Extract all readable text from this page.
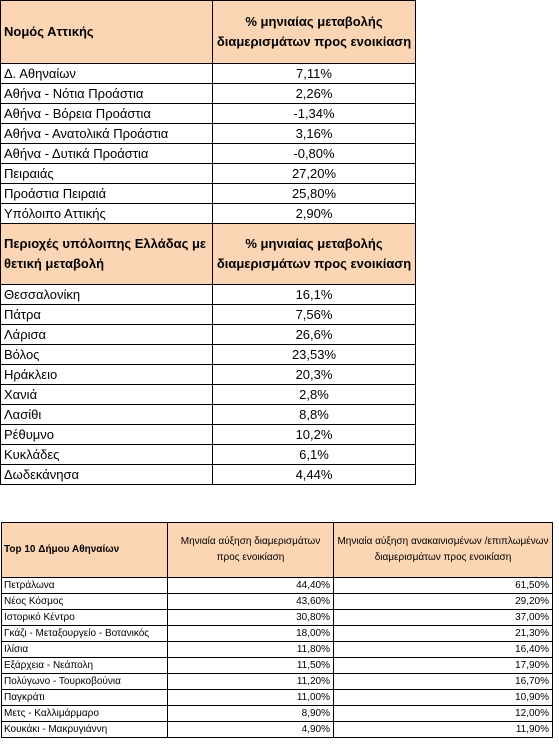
Νομός Αττικής	% μηνιαίας μεταβολής διαμερισμάτων προς ενοικίαση
Δ. Αθηναίων	7,11%
Αθήνα - Νότια Προάστια	2,26%
Αθήνα - Βόρεια Προάστια	-1,34%
Αθήνα - Ανατολικά Προάστια	3,16%
Αθήνα - Δυτικά Προάστια	-0,80%
Πειραιάς	27,20%
Προάστια Πειραιά	25,80%
Υπόλοιπο Αττικής	2,90%
Περιοχές υπόλοιπης Ελλάδας με θετική μεταβολή	% μηνιαίας μεταβολής διαμερισμάτων προς ενοικίαση
Θεσσαλονίκη	16,1%
Πάτρα	7,56%
Λάρισα	26,6%
Βόλος	23,53%
Ηράκλειο	20,3%
Χανιά	2,8%
Λασίθι	8,8%
Ρέθυμνο	10,2%
Κυκλάδες	6,1%
Δωδεκάνησα	4,44%
Top 10 Δήμου Αθηναίων	Μηνιαία αύξηση διαμερισμάτων προς ενοικίαση	Μηνιαία αύξηση ανακαινισμένων /επιπλωμένων διαμερισμάτων προς ενοικίαση
Πετράλωνα	44,40%	61,50%
Νέος Κόσμος	43,60%	29,20%
Ιστορικό Κέντρο	30,80%	37,00%
Γκάζι - Μεταξουργείο - Βοτανικός	18,00%	21,30%
Ιλίσια	11,80%	16,40%
Εξάρχεια - Νεάπολη	11,50%	17,90%
Πολύγωνο - Τουρκοβούνια	11,20%	16,70%
Παγκράτι	11,00%	10,90%
Μετς - Καλλιμάρμαρο	8,90%	12,00%
Κουκάκι - Μακρυγιάννη	4,90%	11,90%
